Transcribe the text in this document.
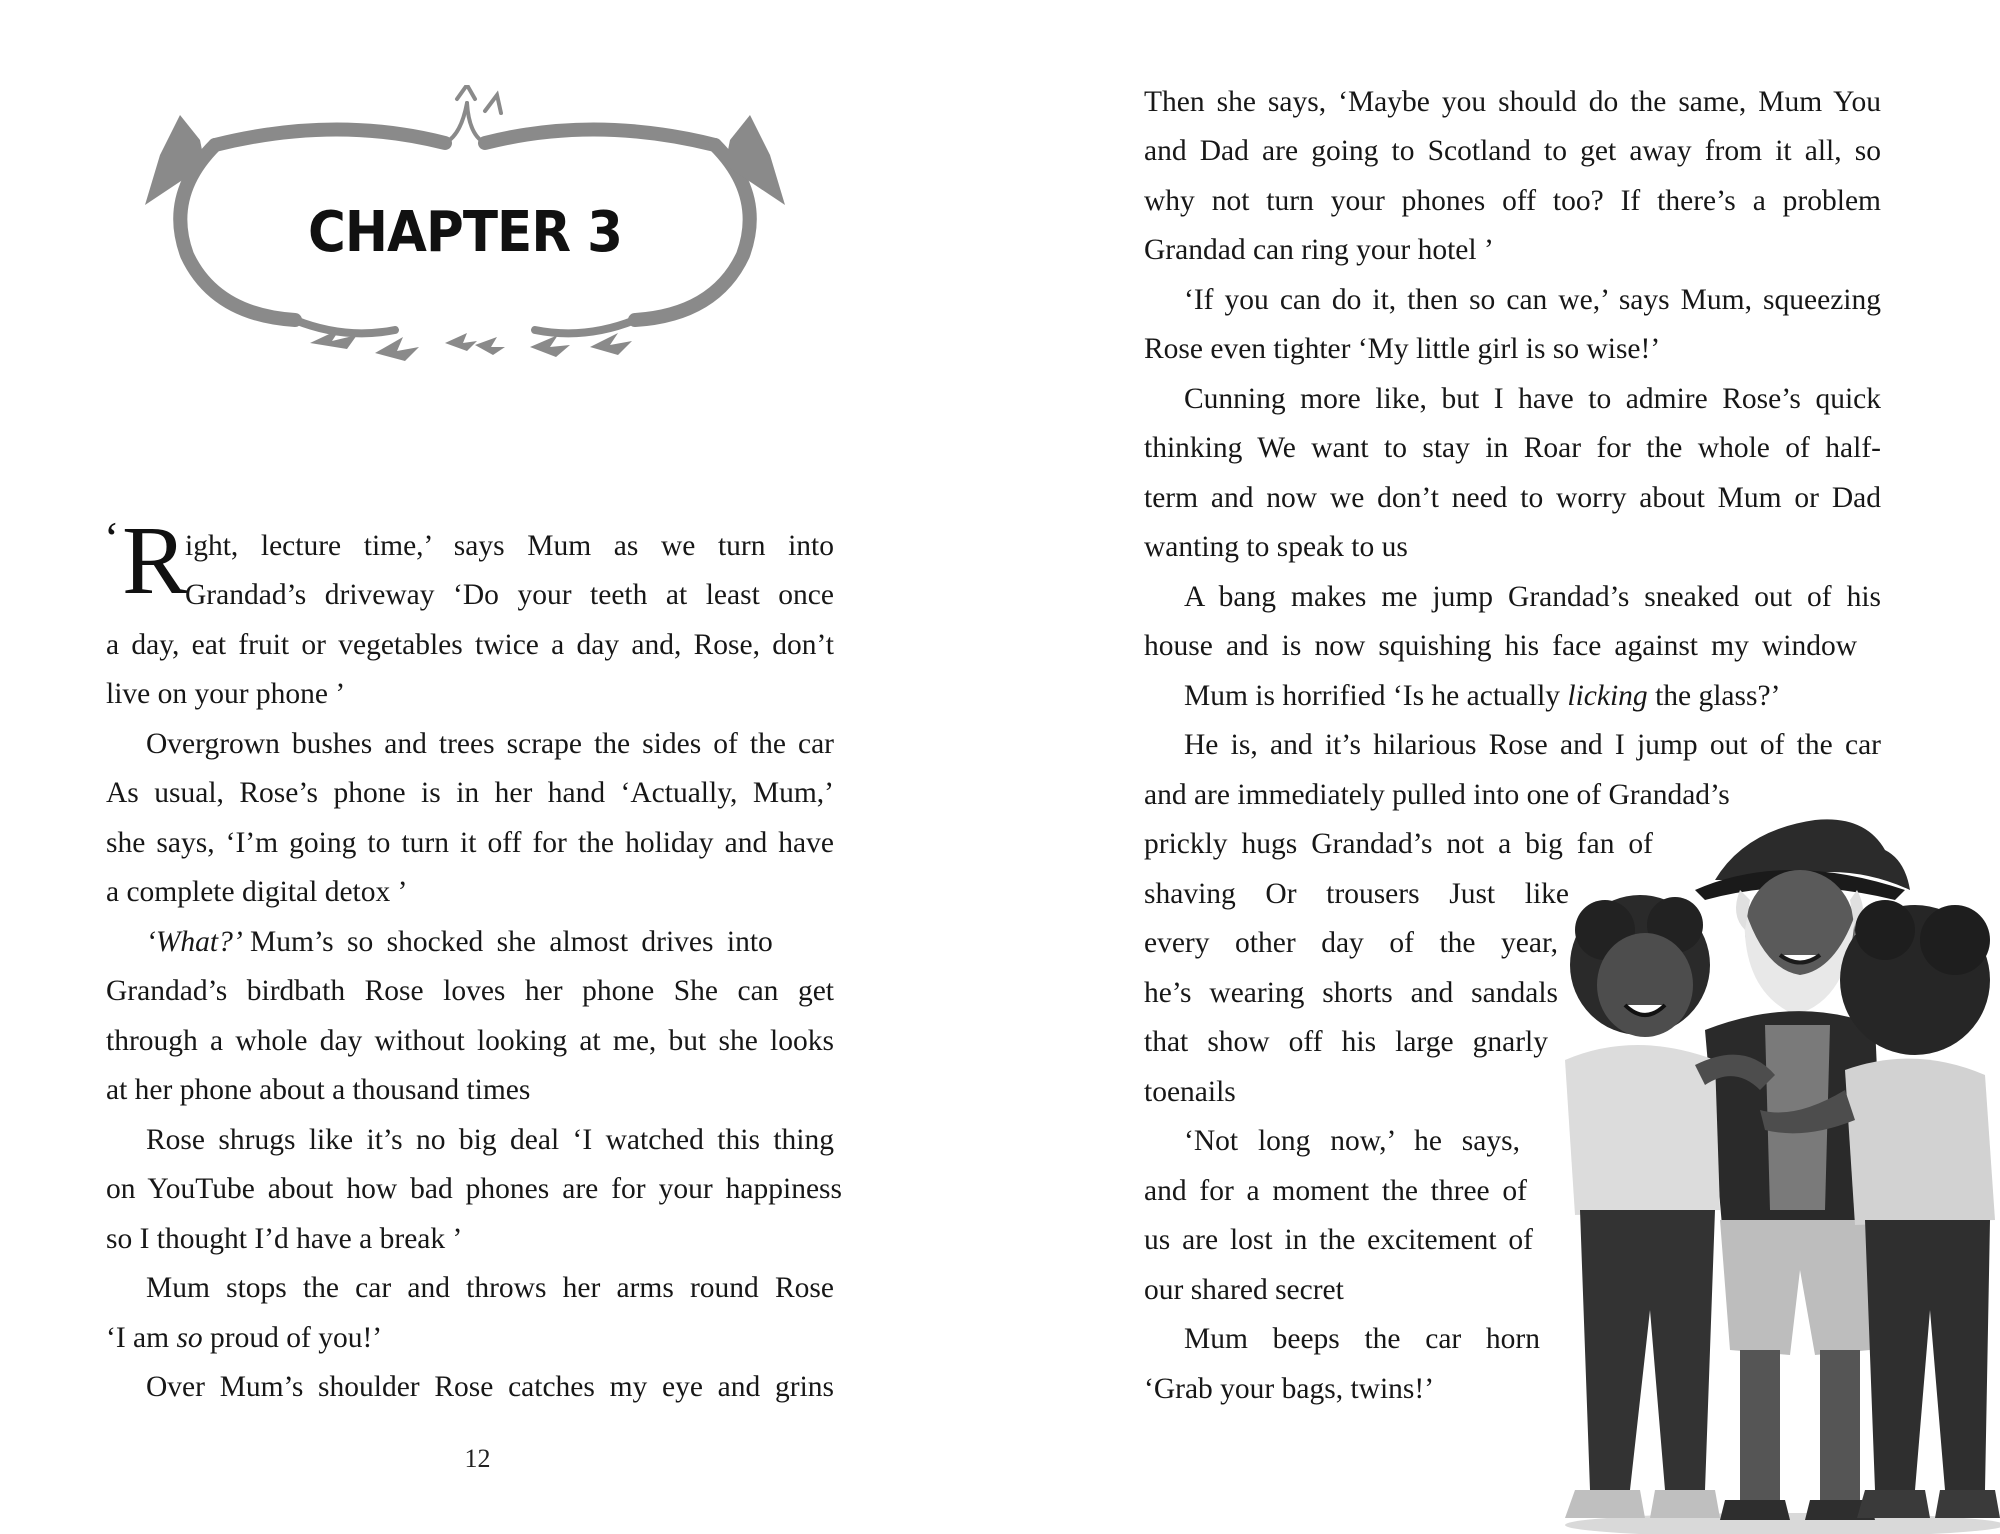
CHAPTER 3
‘ R
ight, lecture time,’ says Mum as we turn into
Grandad’s driveway ‘Do your teeth at least once
a day, eat fruit or vegetables twice a day and, Rose, don’t
live on your phone ’
Overgrown bushes and trees scrape the sides of the car
As usual, Rose’s phone is in her hand ‘Actually, Mum,’
she says, ‘I’m going to turn it off for the holiday and have
a complete digital detox ’
‘What?’ Mum’s so shocked she almost drives into
Grandad’s birdbath Rose loves her phone She can get
through a whole day without looking at me, but she looks
at her phone about a thousand times
Rose shrugs like it’s no big deal ‘I watched this thing
on YouTube about how bad phones are for your happiness
so I thought I’d have a break ’
Mum stops the car and throws her arms round Rose
‘I am so proud of you!’
Over Mum’s shoulder Rose catches my eye and grins
12
Then she says, ‘Maybe you should do the same, Mum You
and Dad are going to Scotland to get away from it all, so
why not turn your phones off too? If there’s a problem
Grandad can ring your hotel ’
‘If you can do it, then so can we,’ says Mum, squeezing
Rose even tighter ‘My little girl is so wise!’
Cunning more like, but I have to admire Rose’s quick
thinking We want to stay in Roar for the whole of half-
term and now we don’t need to worry about Mum or Dad
wanting to speak to us
A bang makes me jump Grandad’s sneaked out of his
house and is now squishing his face against my window
Mum is horrified ‘Is he actually licking the glass?’
He is, and it’s hilarious Rose and I jump out of the car
and are immediately pulled into one of Grandad’s
prickly hugs Grandad’s not a big fan of
shaving Or trousers Just like
every other day of the year,
he’s wearing shorts and sandals
that show off his large gnarly
toenails
‘Not long now,’ he says,
and for a moment the three of
us are lost in the excitement of
our shared secret
Mum beeps the car horn
‘Grab your bags, twins!’
